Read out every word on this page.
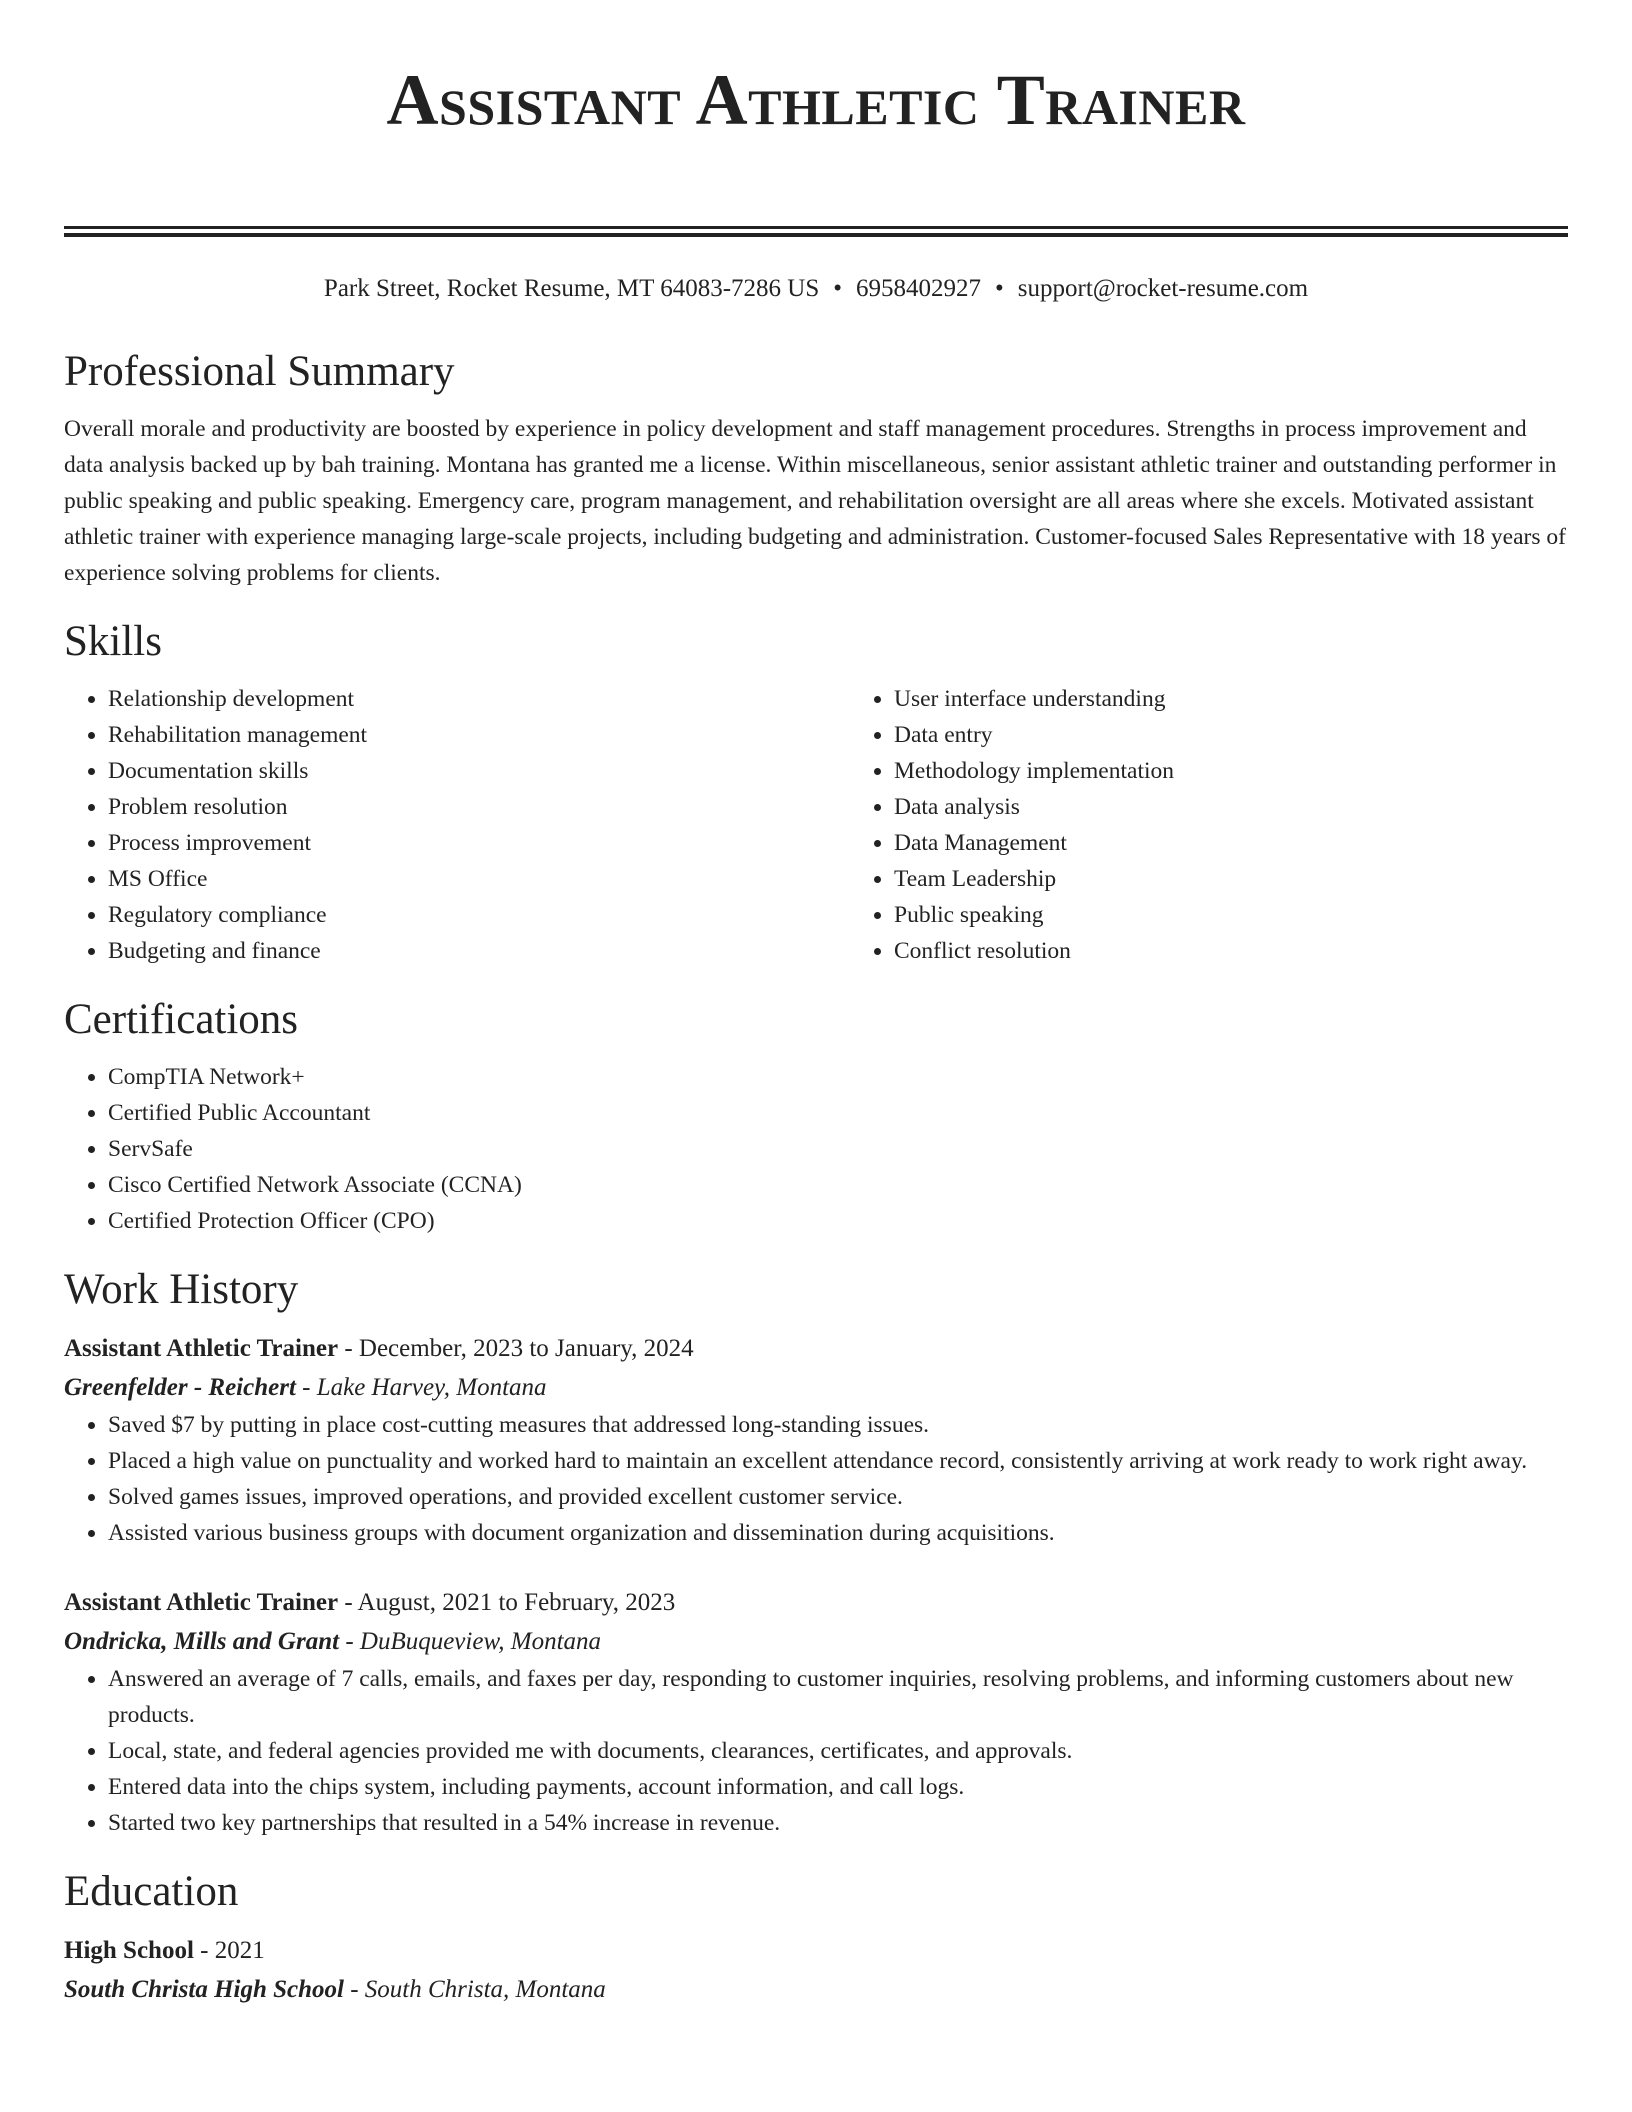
Assistant Athletic Trainer
Park Street, Rocket Resume, MT 64083-7286 US • 6958402927 • support@rocket-resume.com
Professional Summary

Overall morale and productivity are boosted by experience in policy development and staff management procedures. Strengths in process improvement and data analysis backed up by bah training. Montana has granted me a license. Within miscellaneous, senior assistant athletic trainer and outstanding performer in public speaking and public speaking. Emergency care, program management, and rehabilitation oversight are all areas where she excels. Motivated assistant athletic trainer with experience managing large-scale projects, including budgeting and administration. Customer-focused Sales Representative with 18 years of experience solving problems for clients.

Skills
• Relationship development
• Rehabilitation management
• Documentation skills
• Problem resolution
• Process improvement
• MS Office
• Regulatory compliance
• Budgeting and finance
• User interface understanding
• Data entry
• Methodology implementation
• Data analysis
• Data Management
• Team Leadership
• Public speaking
• Conflict resolution
Certifications
• CompTIA Network+
• Certified Public Accountant
• ServSafe
• Cisco Certified Network Associate (CCNA)
• Certified Protection Officer (CPO)
Work History
Assistant Athletic Trainer - December, 2023 to January, 2024
Greenfelder - Reichert - Lake Harvey, Montana
• Saved $7 by putting in place cost-cutting measures that addressed long-standing issues.
• Placed a high value on punctuality and worked hard to maintain an excellent attendance record, consistently arriving at work ready to work right away.
• Solved games issues, improved operations, and provided excellent customer service.
• Assisted various business groups with document organization and dissemination during acquisitions.
Assistant Athletic Trainer - August, 2021 to February, 2023
Ondricka, Mills and Grant - DuBuqueview, Montana
• Answered an average of 7 calls, emails, and faxes per day, responding to customer inquiries, resolving problems, and informing customers about new products.
• Local, state, and federal agencies provided me with documents, clearances, certificates, and approvals.
• Entered data into the chips system, including payments, account information, and call logs.
• Started two key partnerships that resulted in a 54% increase in revenue.
Education
High School - 2021
South Christa High School - South Christa, Montana
